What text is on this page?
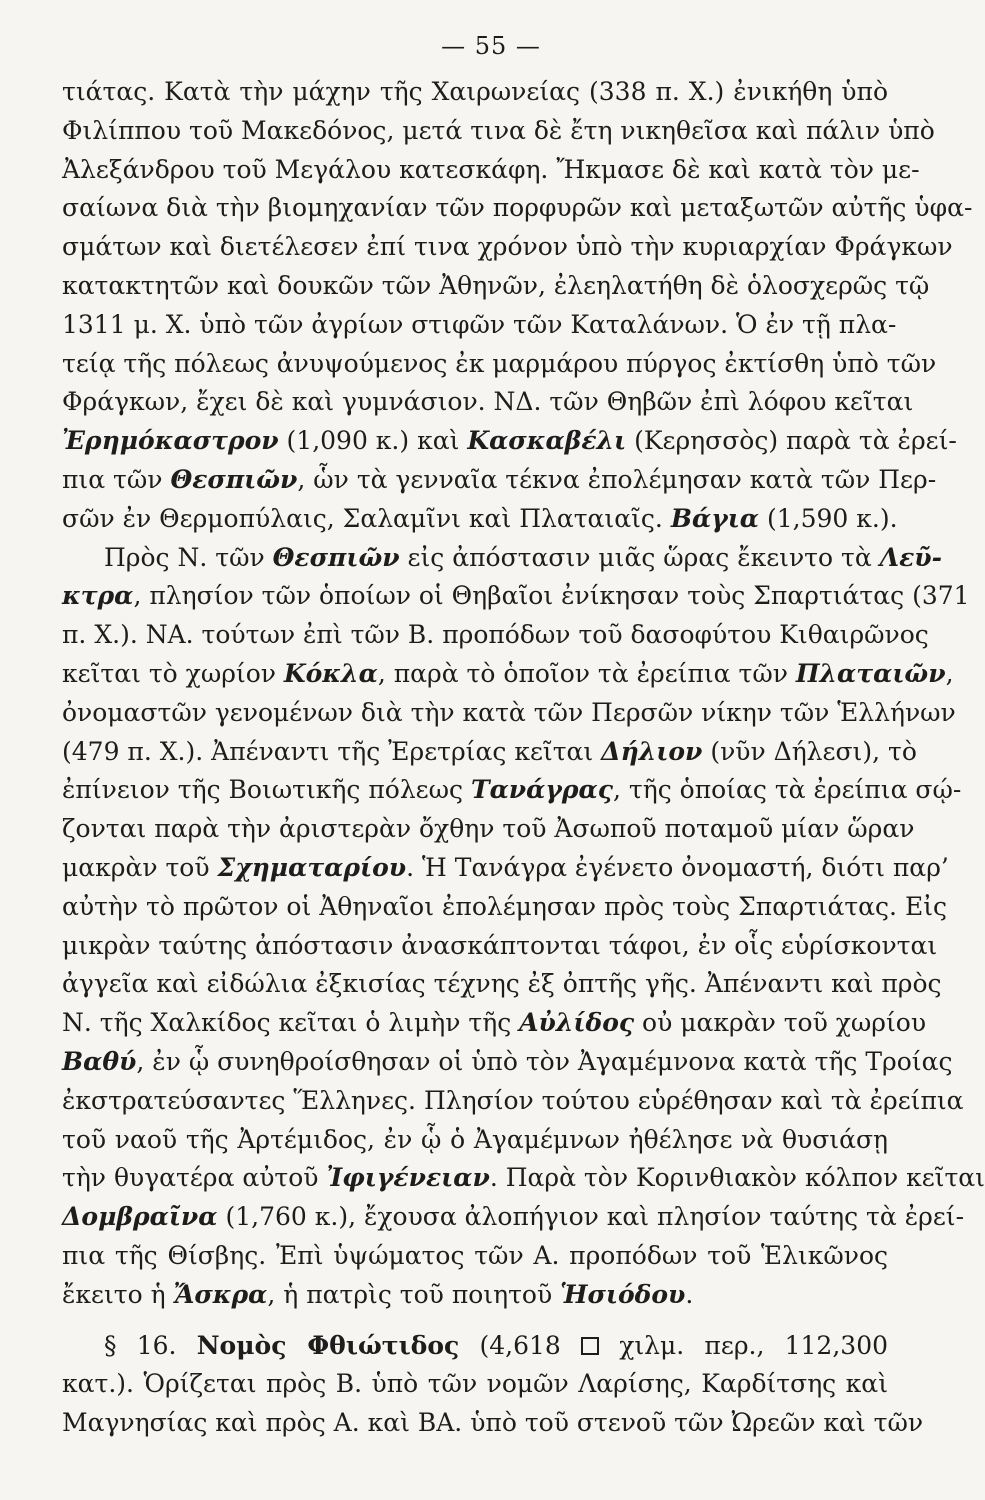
— 55 —
τιάτας. Κατὰ τὴν μάχην τῆς Χαιρωνείας (338 π. Χ.) ἐνικήθη ὑπὸ
Φιλίππου τοῦ Μακεδόνος, μετά τινα δὲ ἔτη νικηθεῖσα καὶ πάλιν ὑπὸ
Ἀλεξάνδρου τοῦ Μεγάλου κατεσκάφη. Ἤκμασε δὲ καὶ κατὰ τὸν με-
σαίωνα διὰ τὴν βιομηχανίαν τῶν πορφυρῶν καὶ μεταξωτῶν αὐτῆς ὑφα-
σμάτων καὶ διετέλεσεν ἐπί τινα χρόνον ὑπὸ τὴν κυριαρχίαν Φράγκων
κατακτητῶν καὶ δουκῶν τῶν Ἀθηνῶν, ἐλεηλατήθη δὲ ὁλοσχερῶς τῷ
1311 μ. Χ. ὑπὸ τῶν ἀγρίων στιφῶν τῶν Καταλάνων. Ὁ ἐν τῇ πλα-
τείᾳ τῆς πόλεως ἀνυψούμενος ἐκ μαρμάρου πύργος ἐκτίσθη ὑπὸ τῶν
Φράγκων, ἔχει δὲ καὶ γυμνάσιον. ΝΔ. τῶν Θηβῶν ἐπὶ λόφου κεῖται
Ἐρημόκαστρον (1,090 κ.) καὶ Κασκαβέλι (Κερησσὸς) παρὰ τὰ ἐρεί-
πια τῶν Θεσπιῶν, ὧν τὰ γενναῖα τέκνα ἐπολέμησαν κατὰ τῶν Περ-
σῶν ἐν Θερμοπύλαις, Σαλαμῖνι καὶ Πλαταιαῖς. Βάγια (1,590 κ.).
Πρὸς Ν. τῶν Θεσπιῶν εἰς ἀπόστασιν μιᾶς ὥρας ἔκειντο τὰ Λεῦ-
κτρα, πλησίον τῶν ὁποίων οἱ Θηβαῖοι ἐνίκησαν τοὺς Σπαρτιάτας (371
π. Χ.). ΝΑ. τούτων ἐπὶ τῶν Β. προπόδων τοῦ δασοφύτου Κιθαιρῶνος
κεῖται τὸ χωρίον Κόκλα, παρὰ τὸ ὁποῖον τὰ ἐρείπια τῶν Πλαταιῶν,
ὀνομαστῶν γενομένων διὰ τὴν κατὰ τῶν Περσῶν νίκην τῶν Ἑλλήνων
(479 π. Χ.). Ἀπέναντι τῆς Ἐρετρίας κεῖται Δήλιον (νῦν Δήλεσι), τὸ
ἐπίνειον τῆς Βοιωτικῆς πόλεως Τανάγρας, τῆς ὁποίας τὰ ἐρείπια σῴ-
ζονται παρὰ τὴν ἀριστερὰν ὄχθην τοῦ Ἀσωποῦ ποταμοῦ μίαν ὥραν
μακρὰν τοῦ Σχηματαρίου. Ἡ Τανάγρα ἐγένετο ὀνομαστή, διότι παρ’
αὐτὴν τὸ πρῶτον οἱ Ἀθηναῖοι ἐπολέμησαν πρὸς τοὺς Σπαρτιάτας. Εἰς
μικρὰν ταύτης ἀπόστασιν ἀνασκάπτονται τάφοι, ἐν οἷς εὑρίσκονται
ἀγγεῖα καὶ εἰδώλια ἐξκισίας τέχνης ἐξ ὀπτῆς γῆς. Ἀπέναντι καὶ πρὸς
Ν. τῆς Χαλκίδος κεῖται ὁ λιμὴν τῆς Αὐλίδος οὐ μακρὰν τοῦ χωρίου
Βαθύ, ἐν ᾧ συνηθροίσθησαν οἱ ὑπὸ τὸν Ἀγαμέμνονα κατὰ τῆς Τροίας
ἐκστρατεύσαντες Ἕλληνες. Πλησίον τούτου εὑρέθησαν καὶ τὰ ἐρείπια
τοῦ ναοῦ τῆς Ἀρτέμιδος, ἐν ᾧ ὁ Ἀγαμέμνων ἠθέλησε νὰ θυσιάσῃ
τὴν θυγατέρα αὐτοῦ Ἰφιγένειαν. Παρὰ τὸν Κορινθιακὸν κόλπον κεῖται
Δομβραῖνα (1,760 κ.), ἔχουσα ἀλοπήγιον καὶ πλησίον ταύτης τὰ ἐρεί-
πια τῆς Θίσβης. Ἐπὶ ὑψώματος τῶν Α. προπόδων τοῦ Ἑλικῶνος
ἔκειτο ἡ Ἄσκρα, ἡ πατρὶς τοῦ ποιητοῦ Ἡσιόδου.
§ 16. Νομὸς Φθιώτιδος (4,618  χιλμ. περ., 112,300
κατ.). Ὁρίζεται πρὸς Β. ὑπὸ τῶν νομῶν Λαρίσης, Καρδίτσης καὶ
Μαγνησίας καὶ πρὸς Α. καὶ ΒΑ. ὑπὸ τοῦ στενοῦ τῶν Ὠρεῶν καὶ τῶν
